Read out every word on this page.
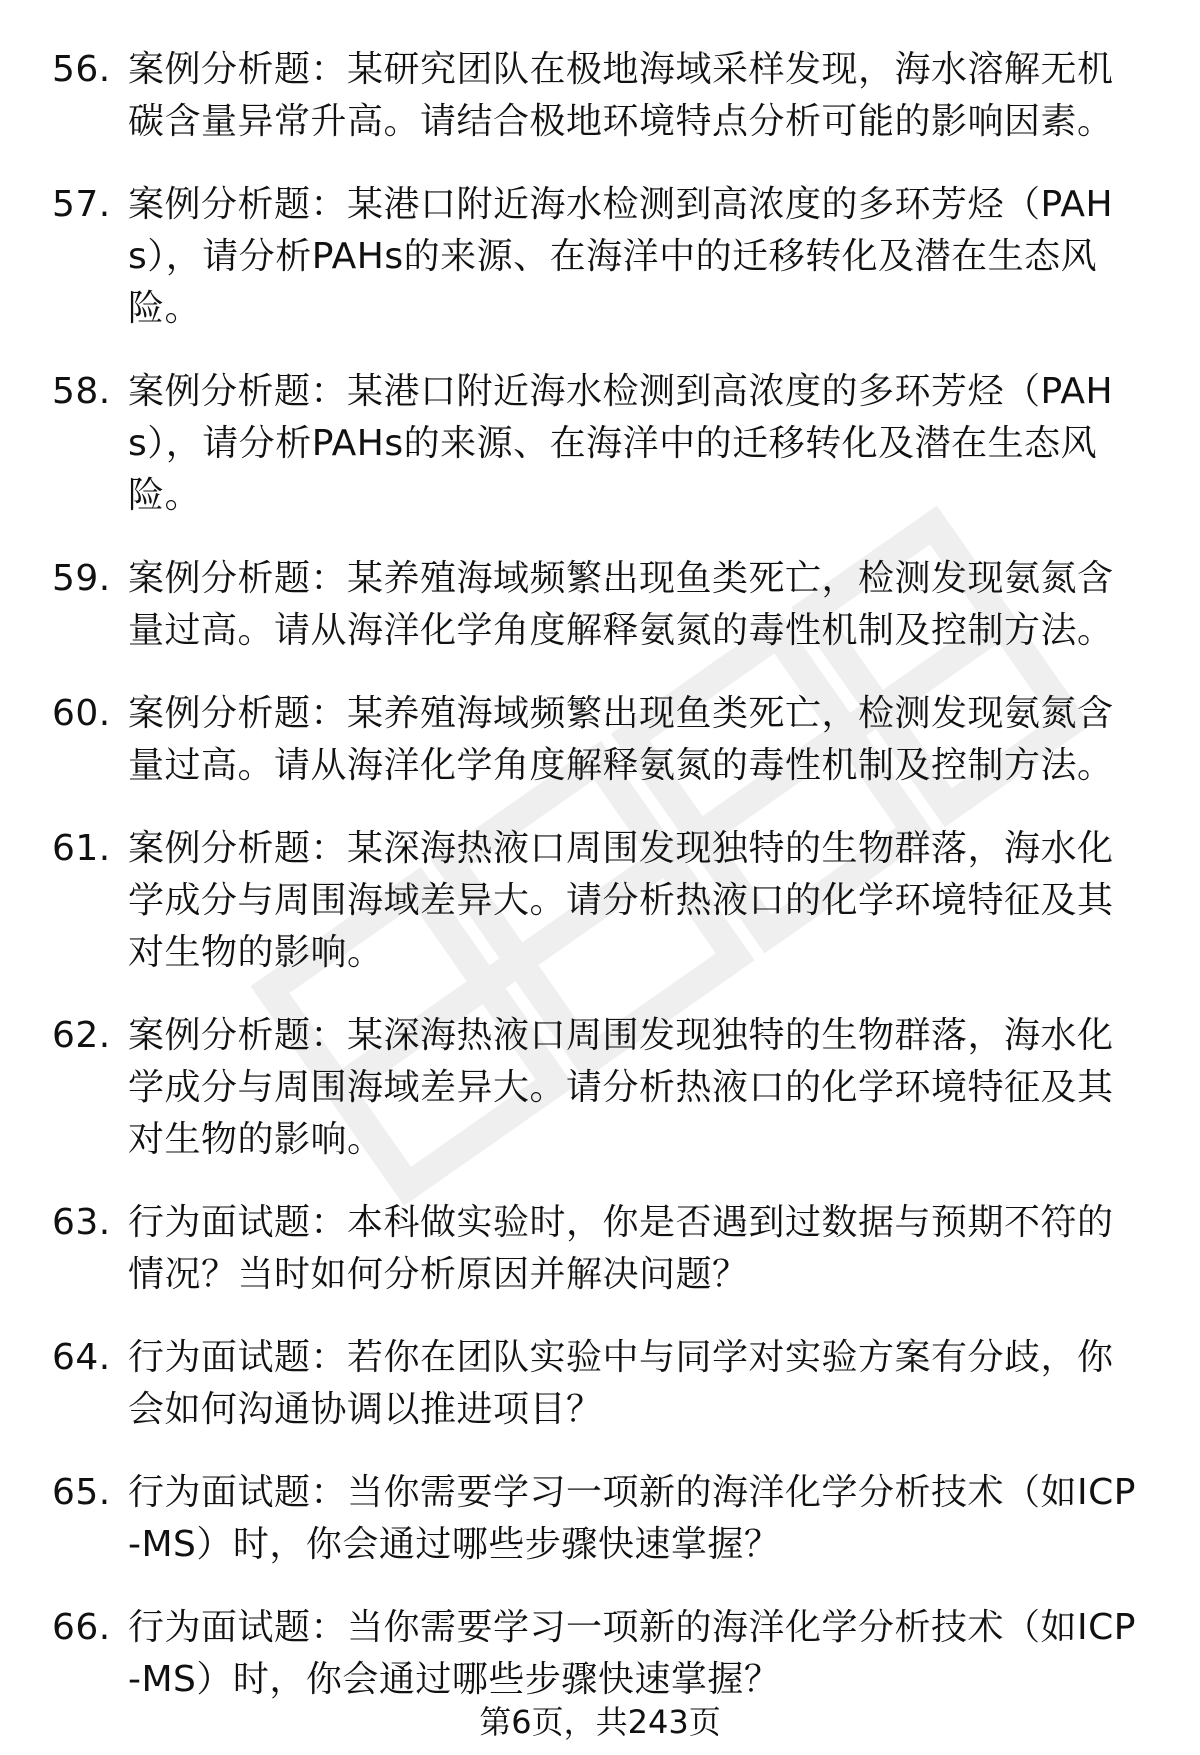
56. 案例分析题：某研究团队在极地海域采样发现，海水溶解无机碳含量异常升高。请结合极地环境特点分析可能的影响因素。
57. 案例分析题：某港口附近海水检测到高浓度的多环芳烃（PAHs），请分析PAHs的来源、在海洋中的迁移转化及潜在生态风险。
58. 案例分析题：某港口附近海水检测到高浓度的多环芳烃（PAHs），请分析PAHs的来源、在海洋中的迁移转化及潜在生态风险。
59. 案例分析题：某养殖海域频繁出现鱼类死亡，检测发现氨氮含量过高。请从海洋化学角度解释氨氮的毒性机制及控制方法。
60. 案例分析题：某养殖海域频繁出现鱼类死亡，检测发现氨氮含量过高。请从海洋化学角度解释氨氮的毒性机制及控制方法。
61. 案例分析题：某深海热液口周围发现独特的生物群落，海水化学成分与周围海域差异大。请分析热液口的化学环境特征及其对生物的影响。
62. 案例分析题：某深海热液口周围发现独特的生物群落，海水化学成分与周围海域差异大。请分析热液口的化学环境特征及其对生物的影响。
63. 行为面试题：本科做实验时，你是否遇到过数据与预期不符的情况？当时如何分析原因并解决问题？
64. 行为面试题：若你在团队实验中与同学对实验方案有分歧，你会如何沟通协调以推进项目？
65. 行为面试题：当你需要学习一项新的海洋化学分析技术（如ICP-MS）时，你会通过哪些步骤快速掌握？
66. 行为面试题：当你需要学习一项新的海洋化学分析技术（如ICP-MS）时，你会通过哪些步骤快速掌握？
第6页，共243页
